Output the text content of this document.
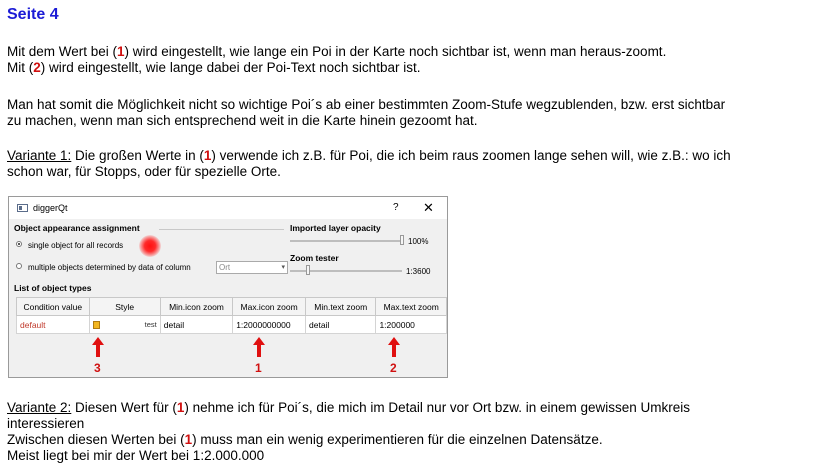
Seite 4
Mit dem Wert bei (1) wird eingestellt, wie lange ein Poi in der Karte noch sichtbar ist, wenn man heraus-zoomt.
Mit (2) wird eingestellt, wie lange dabei der Poi-Text noch sichtbar ist.
Man hat somit die Möglichkeit nicht so wichtige Poi´s ab einer bestimmten Zoom-Stufe wegzublenden, bzw. erst sichtbar
zu machen, wenn man sich entsprechend weit in die Karte hinein gezoomt hat.
Variante 1: Die großen Werte in (1) verwende ich z.B. für Poi, die ich beim raus zoomen lange sehen will, wie z.B.: wo ich
schon war, für Stopps, oder für spezielle Orte.
diggerQt	? ✕
Object appearance assignment
single object for all records
multiple objects determined by data of column	Ort	▾
Imported layer opacity
100%
Zoom tester
1:3600
List of object types
Condition value	Style	Min.icon zoom	Max.icon zoom	Min.text zoom	Max.text zoom
default	test	detail	1:2000000000	detail	1:200000
3	1	2
Variante 2: Diesen Wert für (1) nehme ich für Poi´s, die mich im Detail nur vor Ort bzw. in einem gewissen Umkreis
interessieren
Zwischen diesen Werten bei (1) muss man ein wenig experimentieren für die einzelnen Datensätze.
Meist liegt bei mir der Wert bei 1:2.000.000
